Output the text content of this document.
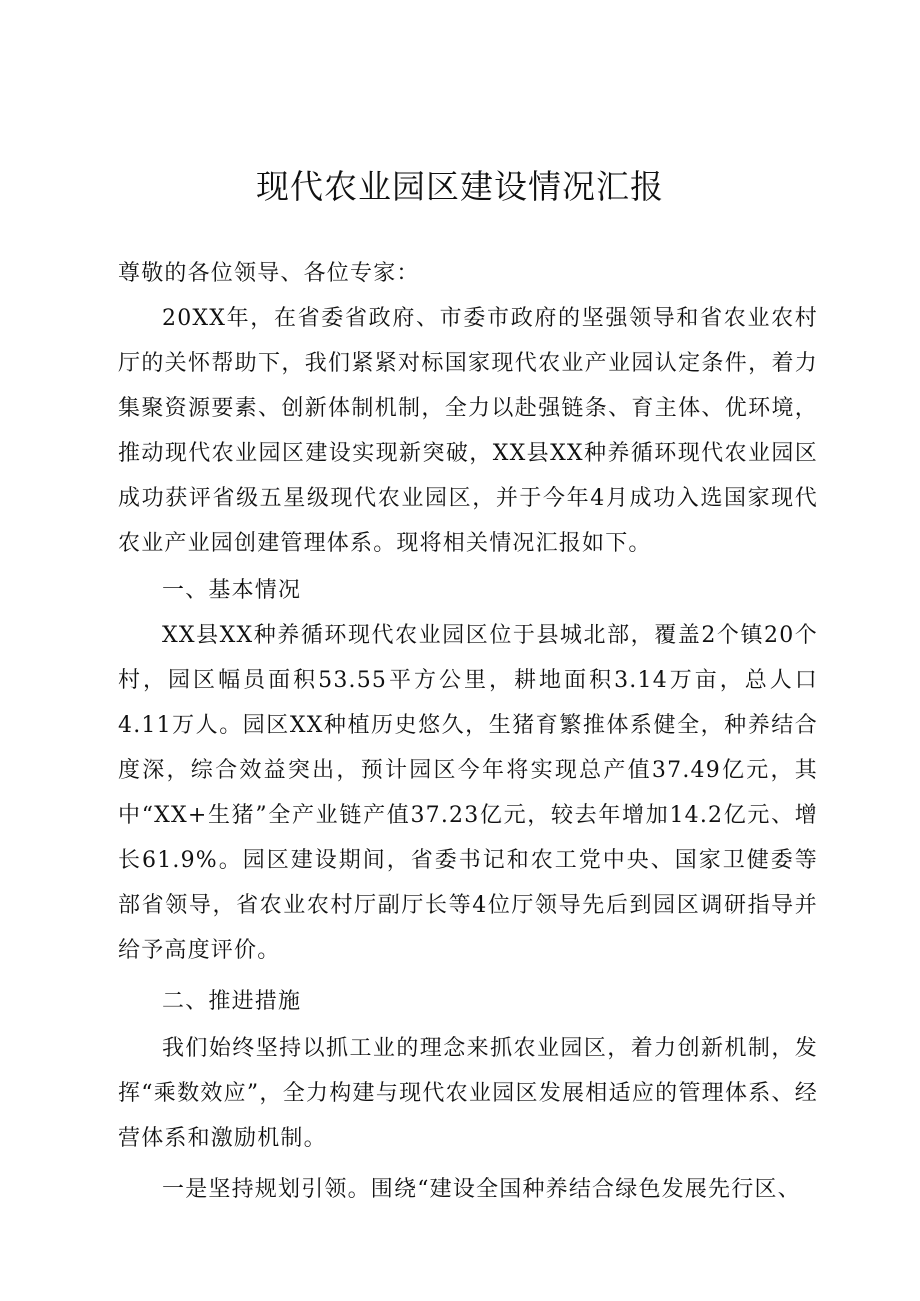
现代农业园区建设情况汇报

尊敬的各位领导、各位专家：

20XX年，在省委省政府、市委市政府的坚强领导和省农业农村厅的关怀帮助下，我们紧紧对标国家现代农业产业园认定条件，着力集聚资源要素、创新体制机制，全力以赴强链条、育主体、优环境，推动现代农业园区建设实现新突破，XX县XX种养循环现代农业园区成功获评省级五星级现代农业园区，并于今年4月成功入选国家现代农业产业园创建管理体系。现将相关情况汇报如下。

一、基本情况

XX县XX种养循环现代农业园区位于县城北部，覆盖2个镇20个村，园区幅员面积53.55平方公里，耕地面积3.14万亩，总人口4.11万人。园区XX种植历史悠久，生猪育繁推体系健全，种养结合度深，综合效益突出，预计园区今年将实现总产值37.49亿元，其中“XX+生猪”全产业链产值37.23亿元，较去年增加14.2亿元、增长61.9%。园区建设期间，省委书记和农工党中央、国家卫健委等部省领导，省农业农村厅副厅长等4位厅领导先后到园区调研指导并给予高度评价。

二、推进措施

我们始终坚持以抓工业的理念来抓农业园区，着力创新机制，发挥“乘数效应”，全力构建与现代农业园区发展相适应的管理体系、经营体系和激励机制。

一是坚持规划引领。围绕“建设全国种养结合绿色发展先行区、
